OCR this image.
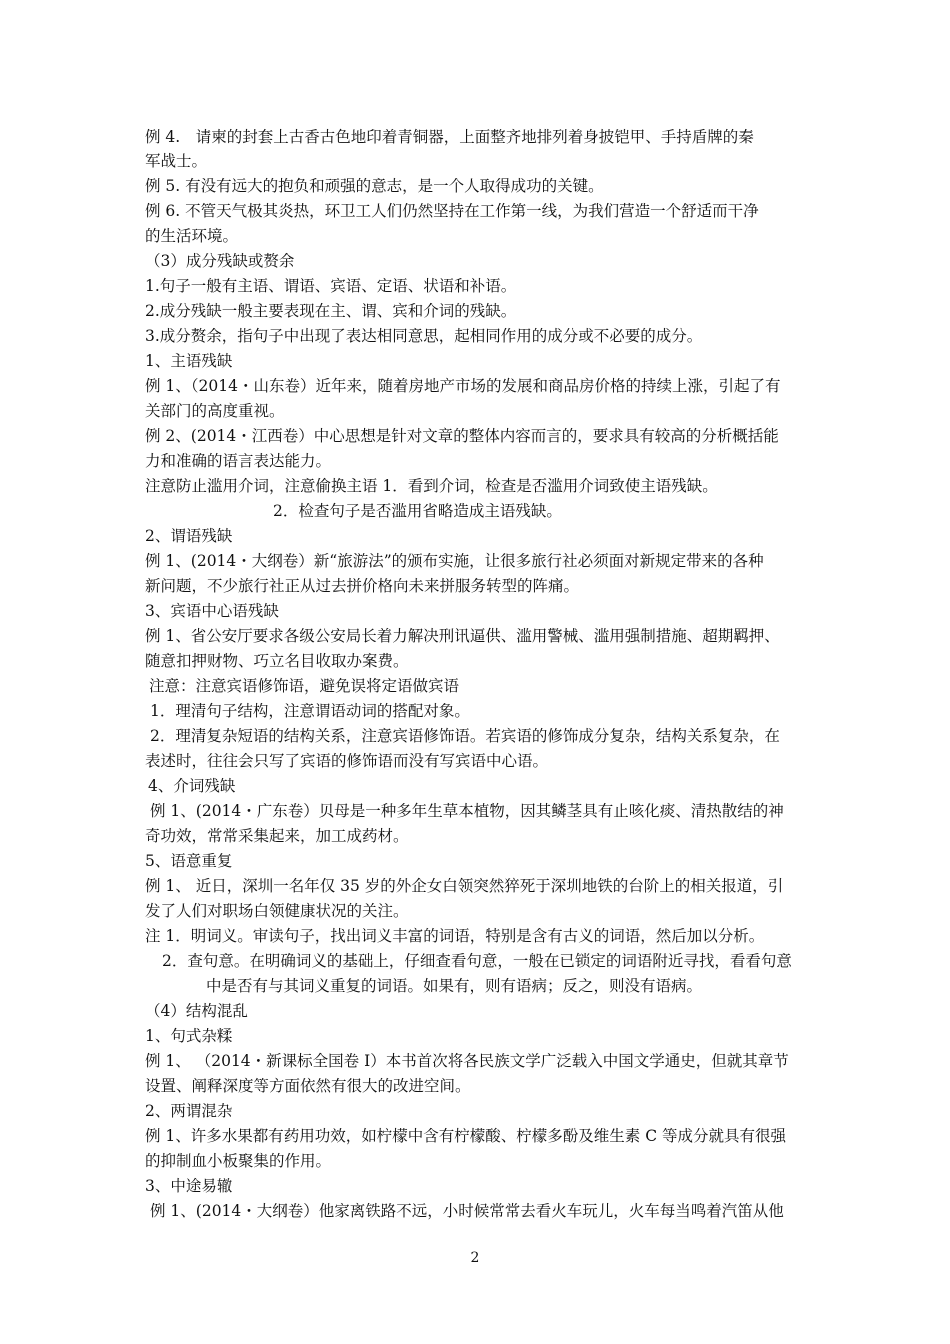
例 4.　请柬的封套上古香古色地印着青铜器，上面整齐地排列着身披铠甲、手持盾牌的秦
军战士。
例 5. 有没有远大的抱负和顽强的意志，是一个人取得成功的关键。
例 6. 不管天气极其炎热，环卫工人们仍然坚持在工作第一线，为我们营造一个舒适而干净
的生活环境。
（3）成分残缺或赘余
1.句子一般有主语、谓语、宾语、定语、状语和补语。
2.成分残缺一般主要表现在主、谓、宾和介词的残缺。
3.成分赘余，指句子中出现了表达相同意思，起相同作用的成分或不必要的成分。
1、主语残缺
例 1、（2014・山东卷）近年来，随着房地产市场的发展和商品房价格的持续上涨，引起了有
关部门的高度重视。
例 2、(2014・江西卷）中心思想是针对文章的整体内容而言的，要求具有较高的分析概括能
力和准确的语言表达能力。
注意防止滥用介词，注意偷换主语 1．看到介词，检查是否滥用介词致使主语残缺。
2．检查句子是否滥用省略造成主语残缺。
2、谓语残缺
例 1、(2014・大纲卷）新“旅游法”的颁布实施，让很多旅行社必须面对新规定带来的各种
新问题，不少旅行社正从过去拼价格向未来拼服务转型的阵痛。
3、宾语中心语残缺
例 1、省公安厅要求各级公安局长着力解决刑讯逼供、滥用警械、滥用强制措施、超期羁押、
随意扣押财物、巧立名目收取办案费。
注意：注意宾语修饰语，避免误将定语做宾语
1．理清句子结构，注意谓语动词的搭配对象。
2．理清复杂短语的结构关系，注意宾语修饰语。若宾语的修饰成分复杂，结构关系复杂，在
表述时，往往会只写了宾语的修饰语而没有写宾语中心语。
4、介词残缺
例 1、(2014・广东卷）贝母是一种多年生草本植物，因其鳞茎具有止咳化痰、清热散结的神
奇功效，常常采集起来，加工成药材。
5、语意重复
例 1、 近日，深圳一名年仅 35 岁的外企女白领突然猝死于深圳地铁的台阶上的相关报道，引
发了人们对职场白领健康状况的关注。
注 1．明词义。审读句子，找出词义丰富的词语，特别是含有古义的词语，然后加以分析。
2．查句意。在明确词义的基础上，仔细查看句意，一般在已锁定的词语附近寻找，看看句意
中是否有与其词义重复的词语。如果有，则有语病；反之，则没有语病。
（4）结构混乱
1、句式杂糅
例 1、 （2014・新课标全国卷 I）本书首次将各民族文学广泛载入中国文学通史，但就其章节
设置、阐释深度等方面依然有很大的改进空间。
2、两谓混杂
例 1、许多水果都有药用功效，如柠檬中含有柠檬酸、柠檬多酚及维生素 C 等成分就具有很强
的抑制血小板聚集的作用。
3、中途易辙
例 1、(2014・大纲卷）他家离铁路不远，小时候常常去看火车玩儿，火车每当鸣着汽笛从他
2
